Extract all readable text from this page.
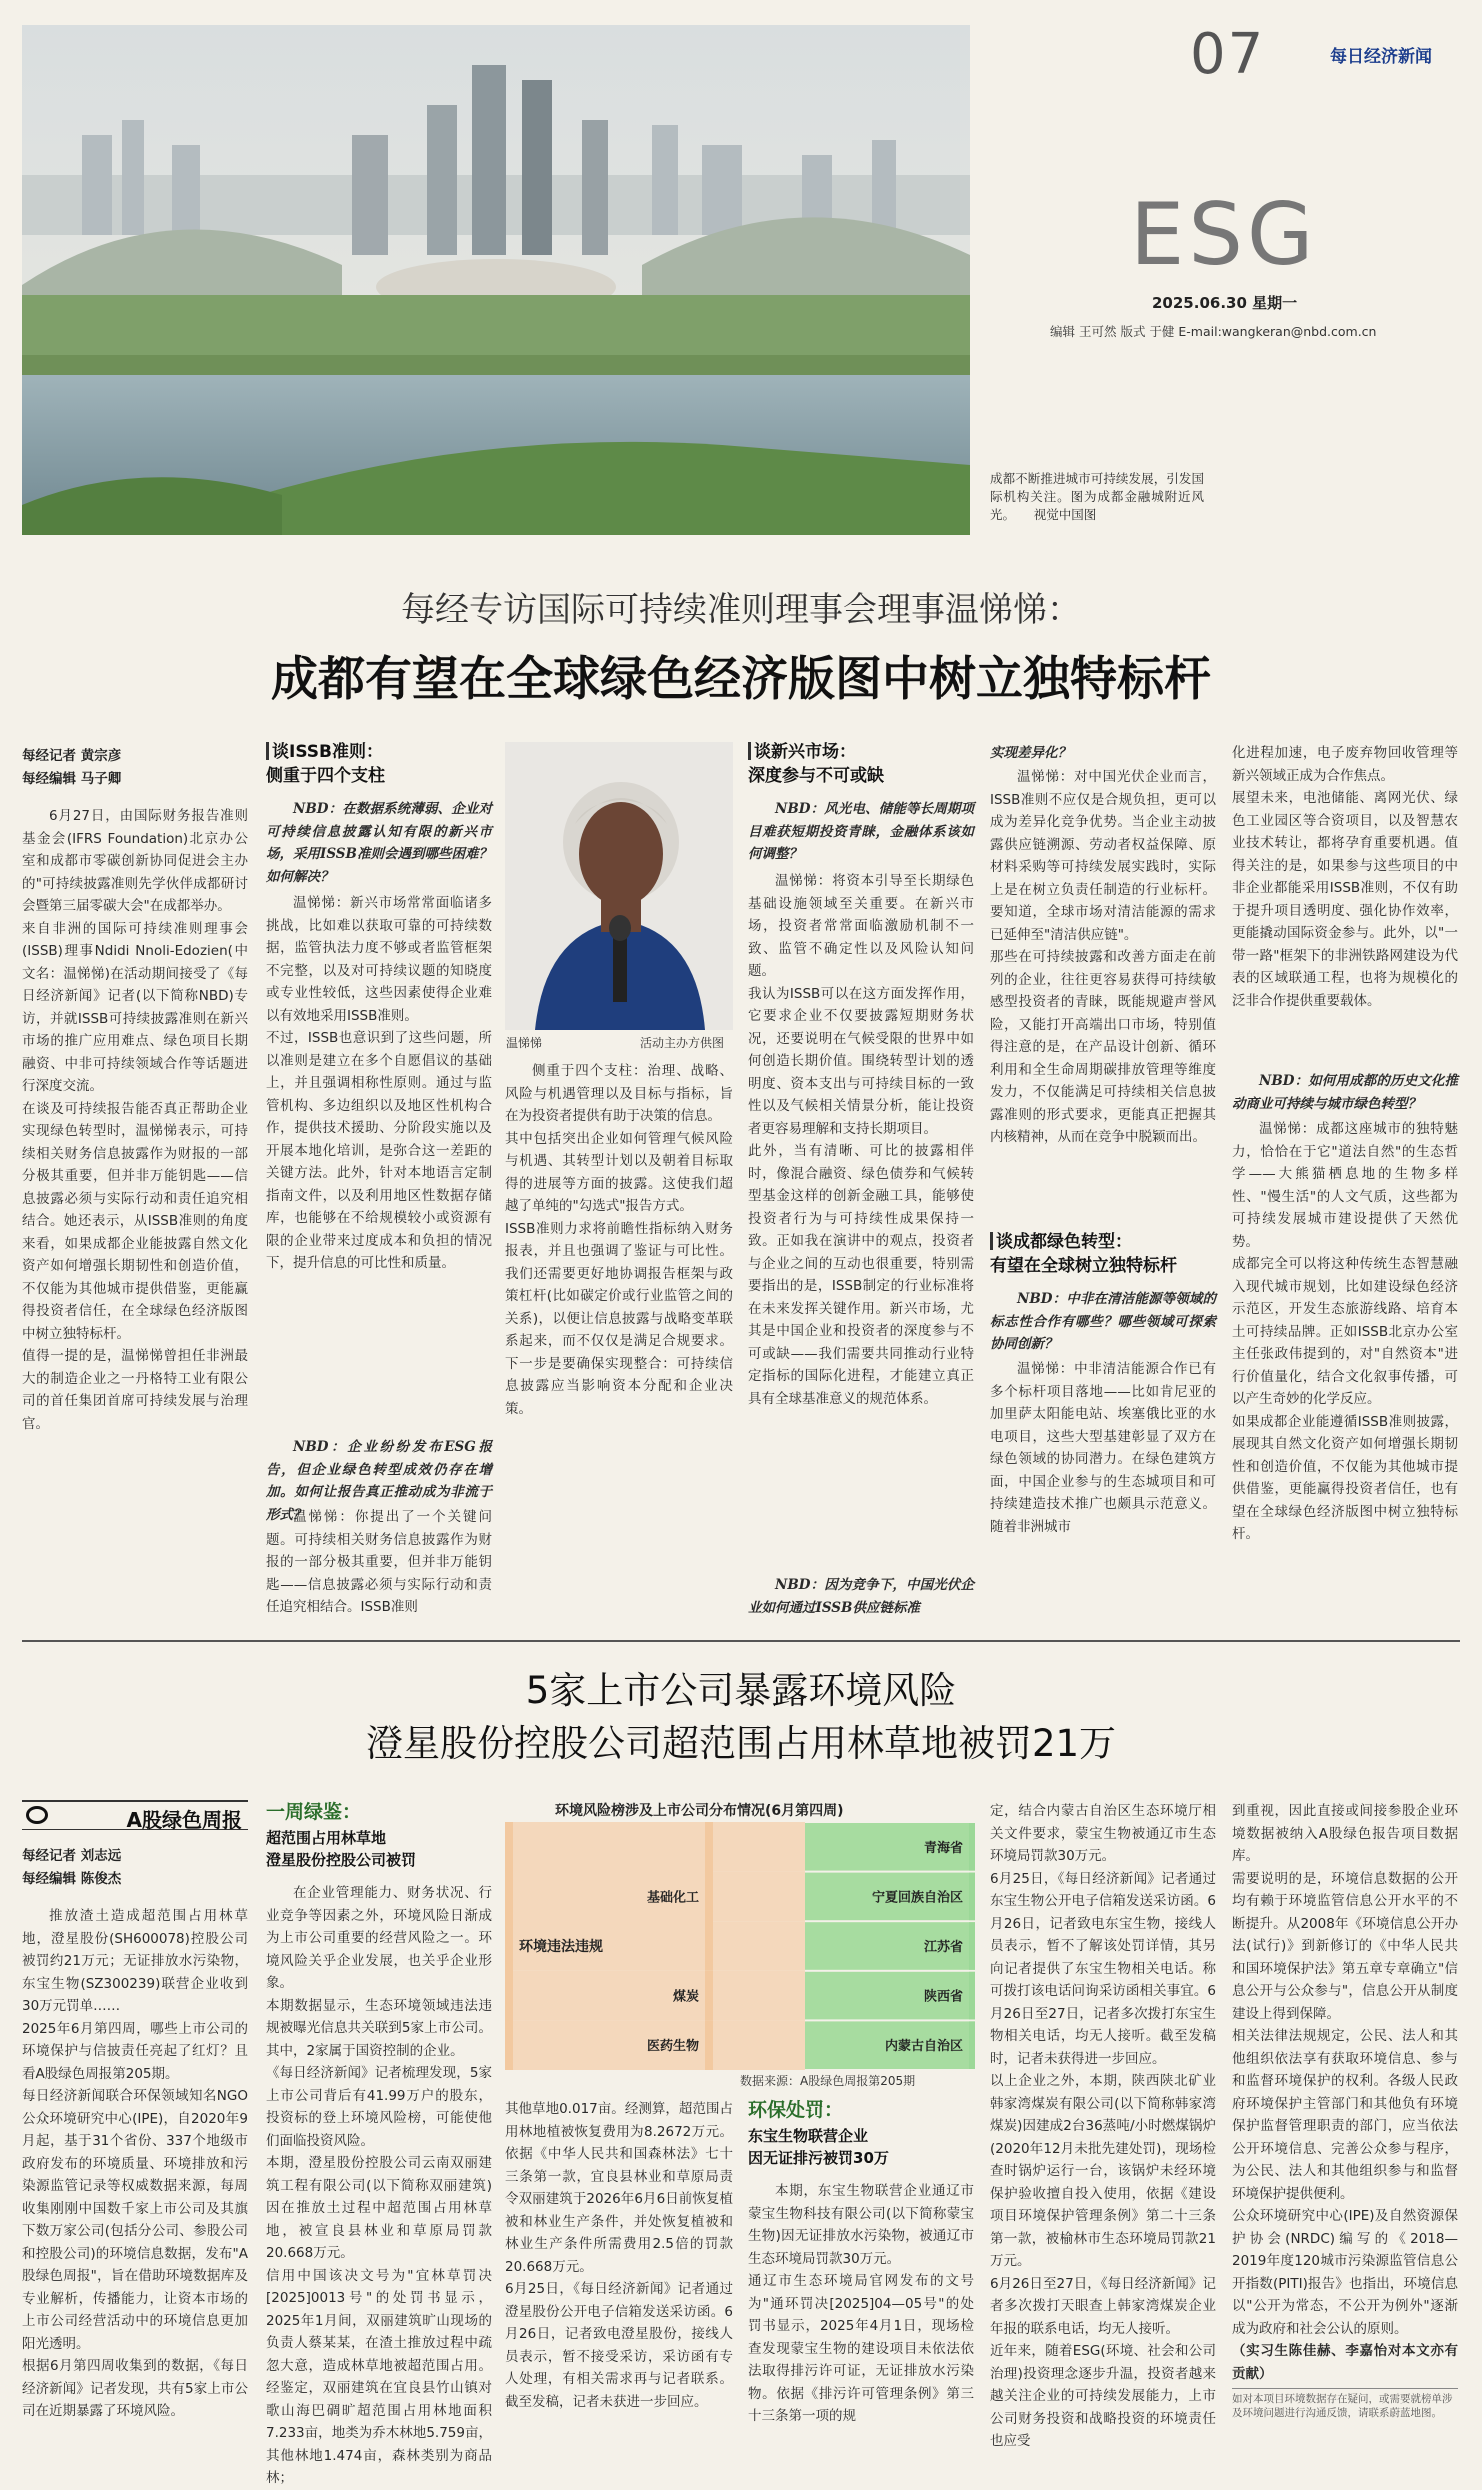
07	每日经济新闻
ESG
2025.06.30 星期一
编辑 王可然 版式 于健 E-mail:wangkeran@nbd.com.cn
成都不断推进城市可持续发展，引发国际机构关注。图为成都金融城附近风光。　　视觉中国图
每经专访国际可持续准则理事会理事温悌悌：
成都有望在全球绿色经济版图中树立独特标杆
每经记者 黄宗彦
每经编辑 马子卿
6月27日，由国际财务报告准则基金会(IFRS Foundation)北京办公室和成都市零碳创新协同促进会主办的"可持续披露准则先学伙伴成都研讨会暨第三届零碳大会"在成都举办。
来自非洲的国际可持续准则理事会(ISSB)理事Ndidi Nnoli-Edozien(中文名：温悌悌)在活动期间接受了《每日经济新闻》记者(以下简称NBD)专访，并就ISSB可持续披露准则在新兴市场的推广应用难点、绿色项目长期融资、中非可持续领域合作等话题进行深度交流。
在谈及可持续报告能否真正帮助企业实现绿色转型时，温悌悌表示，可持续相关财务信息披露作为财报的一部分极其重要，但并非万能钥匙——信息披露必须与实际行动和责任追究相结合。她还表示，从ISSB准则的角度来看，如果成都企业能披露自然文化资产如何增强长期韧性和创造价值，不仅能为其他城市提供借鉴，更能赢得投资者信任，在全球绿色经济版图中树立独特标杆。
值得一提的是，温悌悌曾担任非洲最大的制造企业之一丹格特工业有限公司的首任集团首席可持续发展与治理官。
谈ISSB准则：
侧重于四个支柱
NBD：在数据系统薄弱、企业对可持续信息披露认知有限的新兴市场，采用ISSB准则会遇到哪些困难？如何解决？
温悌悌：新兴市场常常面临诸多挑战，比如难以获取可靠的可持续数据，监管执法力度不够或者监管框架不完整，以及对可持续议题的知晓度或专业性较低，这些因素使得企业难以有效地采用ISSB准则。
不过，ISSB也意识到了这些问题，所以准则是建立在多个自愿倡议的基础上，并且强调相称性原则。通过与监管机构、多边组织以及地区性机构合作，提供技术援助、分阶段实施以及开展本地化培训，是弥合这一差距的关键方法。此外，针对本地语言定制指南文件，以及利用地区性数据存储库，也能够在不给规模较小或资源有限的企业带来过度成本和负担的情况下，提升信息的可比性和质量。
NBD：企业纷纷发布ESG报告，但企业绿色转型成效仍存在增加。如何让报告真正推动成为非流于形式？
温悌悌：你提出了一个关键问题。可持续相关财务信息披露作为财报的一部分极其重要，但并非万能钥匙——信息披露必须与实际行动和责任追究相结合。ISSB准则
温悌悌	活动主办方供图
侧重于四个支柱：治理、战略、风险与机遇管理以及目标与指标，旨在为投资者提供有助于决策的信息。
其中包括突出企业如何管理气候风险与机遇、其转型计划以及朝着目标取得的进展等方面的披露。这使我们超越了单纯的"勾选式"报告方式。
ISSB准则力求将前瞻性指标纳入财务报表，并且也强调了鉴证与可比性。我们还需要更好地协调报告框架与政策杠杆(比如碳定价或行业监管之间的关系)，以便让信息披露与战略变革联系起来，而不仅仅是满足合规要求。下一步是要确保实现整合：可持续信息披露应当影响资本分配和企业决策。
谈新兴市场：
深度参与不可或缺
NBD：风光电、储能等长周期项目难获短期投资青睐，金融体系该如何调整？
温悌悌：将资本引导至长期绿色基础设施领域至关重要。在新兴市场，投资者常常面临激励机制不一致、监管不确定性以及风险认知问题。
我认为ISSB可以在这方面发挥作用，它要求企业不仅要披露短期财务状况，还要说明在气候受限的世界中如何创造长期价值。围绕转型计划的透明度、资本支出与可持续目标的一致性以及气候相关情景分析，能让投资者更容易理解和支持长期项目。
此外，当有清晰、可比的披露相伴时，像混合融资、绿色债券和气候转型基金这样的创新金融工具，能够使投资者行为与可持续性成果保持一致。正如我在演讲中的观点，投资者与企业之间的互动也很重要，特别需要指出的是，ISSB制定的行业标准将在未来发挥关键作用。新兴市场，尤其是中国企业和投资者的深度参与不可或缺——我们需要共同推动行业特定指标的国际化进程，才能建立真正具有全球基准意义的规范体系。
NBD：因为竞争下，中国光伏企业如何通过ISSB供应链标准
实现差异化？
温悌悌：对中国光伏企业而言，ISSB准则不应仅是合规负担，更可以成为差异化竞争优势。当企业主动披露供应链溯源、劳动者权益保障、原材料采购等可持续发展实践时，实际上是在树立负责任制造的行业标杆。要知道，全球市场对清洁能源的需求已延伸至"清洁供应链"。
那些在可持续披露和改善方面走在前列的企业，往往更容易获得可持续敏感型投资者的青睐，既能规避声誉风险，又能打开高端出口市场，特别值得注意的是，在产品设计创新、循环利用和全生命周期碳排放管理等维度发力，不仅能满足可持续相关信息披露准则的形式要求，更能真正把握其内核精神，从而在竞争中脱颖而出。
谈成都绿色转型：
有望在全球树立独特标杆
NBD：中非在清洁能源等领域的标志性合作有哪些？哪些领域可探索协同创新？
温悌悌：中非清洁能源合作已有多个标杆项目落地——比如肯尼亚的加里萨太阳能电站、埃塞俄比亚的水电项目，这些大型基建彰显了双方在绿色领域的协同潜力。在绿色建筑方面，中国企业参与的生态城项目和可持续建造技术推广也颇具示范意义。随着非洲城市
化进程加速，电子废弃物回收管理等新兴领域正成为合作焦点。
展望未来，电池储能、离网光伏、绿色工业园区等合资项目，以及智慧农业技术转让，都将孕育重要机遇。值得关注的是，如果参与这些项目的中非企业都能采用ISSB准则，不仅有助于提升项目透明度、强化协作效率，更能撬动国际资金参与。此外，以"一带一路"框架下的非洲铁路网建设为代表的区域联通工程，也将为规模化的泛非合作提供重要载体。
NBD：如何用成都的历史文化推动商业可持续与城市绿色转型？
温悌悌：成都这座城市的独特魅力，恰恰在于它"道法自然"的生态哲学——大熊猫栖息地的生物多样性、"慢生活"的人文气质，这些都为可持续发展城市建设提供了天然优势。
成都完全可以将这种传统生态智慧融入现代城市规划，比如建设绿色经济示范区，开发生态旅游线路、培育本土可持续品牌。正如ISSB北京办公室主任张政伟提到的，对"自然资本"进行价值量化，结合文化叙事传播，可以产生奇妙的化学反应。
如果成都企业能遵循ISSB准则披露，展现其自然文化资产如何增强长期韧性和创造价值，不仅能为其他城市提供借鉴，更能赢得投资者信任，也有望在全球绿色经济版图中树立独特标杆。
5家上市公司暴露环境风险
澄星股份控股公司超范围占用林草地被罚21万
A股绿色周报
每经记者 刘志远
每经编辑 陈俊杰
推放渣土造成超范围占用林草地，澄星股份(SH600078)控股公司被罚约21万元；无证排放水污染物，东宝生物(SZ300239)联营企业收到30万元罚单……
2025年6月第四周，哪些上市公司的环境保护与信披责任亮起了红灯？且看A股绿色周报第205期。
每日经济新闻联合环保领域知名NGO公众环境研究中心(IPE)，自2020年9月起，基于31个省份、337个地级市政府发布的环境质量、环境排放和污染源监管记录等权威数据来源，每周收集刚刚中国数千家上市公司及其旗下数万家公司(包括分公司、参股公司和控股公司)的环境信息数据，发布"A股绿色周报"，旨在借助环境数据库及专业解析，传播能力，让资本市场的上市公司经营活动中的环境信息更加阳光透明。
根据6月第四周收集到的数据，《每日经济新闻》记者发现，共有5家上市公司在近期暴露了环境风险。
一周绿鉴：
超范围占用林草地
澄星股份控股公司被罚
在企业管理能力、财务状况、行业竞争等因素之外，环境风险日渐成为上市公司重要的经营风险之一。环境风险关乎企业发展，也关乎企业形象。
本期数据显示，生态环境领域违法违规被曝光信息共关联到5家上市公司。其中，2家属于国资控制的企业。
《每日经济新闻》记者梳理发现，5家上市公司背后有41.99万户的股东，投资标的登上环境风险榜，可能使他们面临投资风险。
本期，澄星股份控股公司云南双丽建筑工程有限公司(以下简称双丽建筑)因在推放土过程中超范围占用林草地，被宣良县林业和草原局罚款20.668万元。
信用中国该决文号为"宜林草罚决[2025]0013号"的处罚书显示，2025年1月间，双丽建筑旷山现场的负责人蔡某某，在渣土推放过程中疏忽大意，造成林草地被超范围占用。经鉴定，双丽建筑在宜良县竹山镇对歌山海巴碉旷超范围占用林地面积7.233亩，地类为乔木林地5.759亩，其他林地1.474亩，森林类别为商品林；
环境风险榜涉及上市公司分布情况(6月第四周)
环境违法违规
基础化工
煤炭
医药生物
青海省
宁夏回族自治区
江苏省
陕西省
内蒙古自治区
数据来源：A股绿色周报第205期
其他草地0.017亩。经测算，超范围占用林地植被恢复费用为8.2672万元。依据《中华人民共和国森林法》七十三条第一款，宜良县林业和草原局责令双丽建筑于2026年6月6日前恢复植被和林业生产条件，并处恢复植被和林业生产条件所需费用2.5倍的罚款20.668万元。
6月25日，《每日经济新闻》记者通过澄星股份公开电子信箱发送采访函。6月26日，记者致电澄星股份，接线人员表示，暂不接受采访，采访函有专人处理，有相关需求再与记者联系。截至发稿，记者未获进一步回应。
环保处罚：
东宝生物联营企业
因无证排污被罚30万
本期，东宝生物联营企业通辽市蒙宝生物科技有限公司(以下简称蒙宝生物)因无证排放水污染物，被通辽市生态环境局罚款30万元。
通辽市生态环境局官网发布的文号为"通环罚决[2025]04—05号"的处罚书显示，2025年4月1日，现场检查发现蒙宝生物的建设项目未依法依法取得排污许可证，无证排放水污染物。依据《排污许可管理条例》第三十三条第一项的规
定，结合内蒙古自治区生态环境厅相关文件要求，蒙宝生物被通辽市生态环境局罚款30万元。
6月25日，《每日经济新闻》记者通过东宝生物公开电子信箱发送采访函。6月26日，记者致电东宝生物，接线人员表示，暂不了解该处罚详情，其另向记者提供了东宝生物相关电话。称可拨打该电话问询采访函相关事宜。6月26日至27日，记者多次拨打东宝生物相关电话，均无人接听。截至发稿时，记者未获得进一步回应。
以上企业之外，本期，陕西陕北矿业韩家湾煤炭有限公司(以下简称韩家湾煤炭)因建成2台36蒸吨/小时燃煤锅炉(2020年12月未批先建处罚)，现场检查时锅炉运行一台，该锅炉未经环境保护验收擅自投入使用，依据《建设项目环境保护管理条例》第二十三条第一款，被榆林市生态环境局罚款21万元。
6月26日至27日，《每日经济新闻》记者多次拨打天眼查上韩家湾煤炭企业年报的联系电话，均无人接听。
近年来，随着ESG(环境、社会和公司治理)投资理念逐步升温，投资者越来越关注企业的可持续发展能力，上市公司财务投资和战略投资的环境责任也应受
到重视，因此直接或间接参股企业环境数据被纳入A股绿色报告项目数据库。
需要说明的是，环境信息数据的公开均有赖于环境监管信息公开水平的不断提升。从2008年《环境信息公开办法(试行)》到新修订的《中华人民共和国环境保护法》第五章专章确立"信息公开与公众参与"，信息公开从制度建设上得到保障。
相关法律法规规定，公民、法人和其他组织依法享有获取环境信息、参与和监督环境保护的权利。各级人民政府环境保护主管部门和其他负有环境保护监督管理职责的部门，应当依法公开环境信息、完善公众参与程序，为公民、法人和其他组织参与和监督环境保护提供便利。
公众环境研究中心(IPE)及自然资源保护协会(NRDC)编写的《2018—2019年度120城市污染源监管信息公开指数(PITI)报告》也指出，环境信息以"公开为常态，不公开为例外"逐渐成为政府和社会公认的原则。
（实习生陈佳赫、李嘉怡对本文亦有贡献）
如对本项目环境数据存在疑问，或需要就榜单涉及环境问题进行沟通反馈，请联系蔚蓝地图。
